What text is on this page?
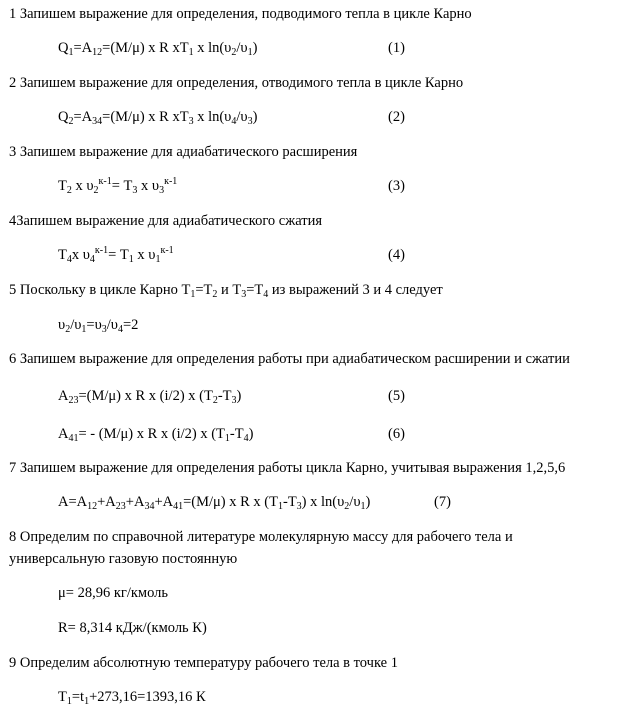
1 Запишем выражение для определения, подводимого тепла в цикле Карно
$Q_1=A_{12}=(M/\mu)$ x R $xT_1$ x $\ln(\upsilon_2/\upsilon_1)$	(1)
2 Запишем выражение для определения, отводимого тепла в цикле Карно
$Q_2=A_{34}=(M/\mu)$ x R $xT_3$ x $\ln(\upsilon_4/\upsilon_3)$	(2)
3 Запишем выражение для адиабатического расширения
$T_2$ x $\upsilon_2^{к-1}= T_3$ x $\upsilon_3^{к-1}$	(3)
4Запишем выражение для адиабатического сжатия
$T_4x$ $\upsilon_4^{к-1}= T_1$ x $\upsilon_1^{к-1}$	(4)
5 Поскольку в цикле Карно $T_1=T_2$ и $T_3=T_4$ из выражений 3 и 4 следует
$\upsilon_2/\upsilon_1=\upsilon_3/\upsilon_4=2$
6 Запишем выражение для определения работы при адиабатическом расширении и сжатии
$A_{23}=(M/\mu)$ x R x (i/2) x $(T_2-T_3)$	(5)
$A_{41}= - (M/\mu)$ x R x (i/2) x $(T_1-T_4)$	(6)
7 Запишем выражение для определения работы цикла Карно, учитывая выражения 1,2,5,6
$A=A_{12}+A_{23}+A_{34}+A_{41}=(M/\mu)$ x R x $(T_1-T_3)$ x $\ln(\upsilon_2/\upsilon_1)$	(7)
8 Определим по справочной литературе молекулярную массу для рабочего тела и
универсальную газовую постоянную
μ= 28,96 кг/кмоль
R= 8,314 кДж/(кмоль К)
9 Определим абсолютную температуру рабочего тела в точке 1
$T_1=t_1+273,16=1393,16$ К
